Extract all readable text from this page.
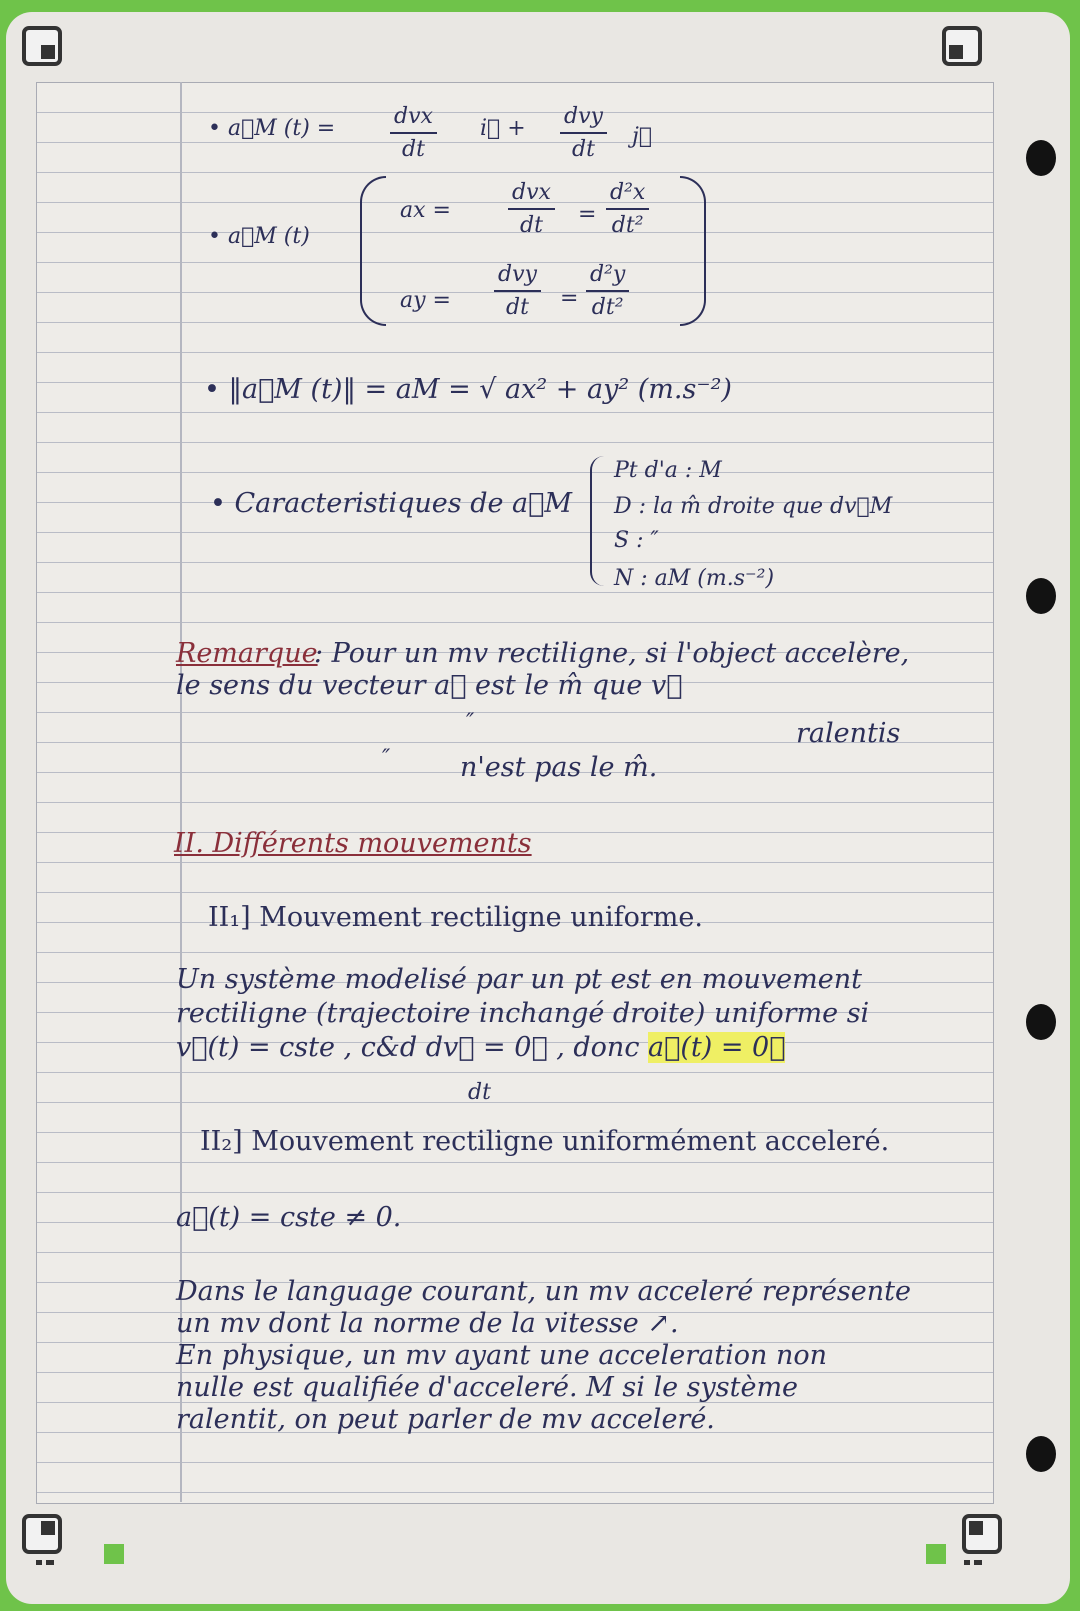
• a⃗M (t) =	dvx
dt
i⃗ + dvy
dt
j⃗
• a⃗M (t)
ax =
dvx
dt	=
d²x
dt²
ay =
dvy
dt	=
d²y
dt²
• ‖a⃗M (t)‖ = aM = √ ax² + ay² (m.s⁻²)
• Caracteristiques de a⃗M
Pt d'a : M
D : la m̂ droite que dv⃗M
S : ″
N : aM (m.s⁻²)
Remarque
: Pour un mv rectiligne, si l'object accelère,
le sens du vecteur a⃗ est le m̂ que v⃗
″	ralentis
″	n'est pas le m̂.
II. Différents mouvements
II₁] Mouvement rectiligne uniforme.
Un système modelisé par un pt est en mouvement
rectiligne (trajectoire inchangé droite) uniforme si
v⃗(t) = cste , c&d dv⃗ = 0⃗ , donc a⃗(t) = 0⃗
dt
II₂] Mouvement rectiligne uniformément acceleré.
a⃗(t) = cste ≠ 0.
Dans le language courant, un mv acceleré représente
un mv dont la norme de la vitesse ↗.
En physique, un mv ayant une acceleration non
nulle est qualifiée d'acceleré. M si le système
ralentit, on peut parler de mv acceleré.
